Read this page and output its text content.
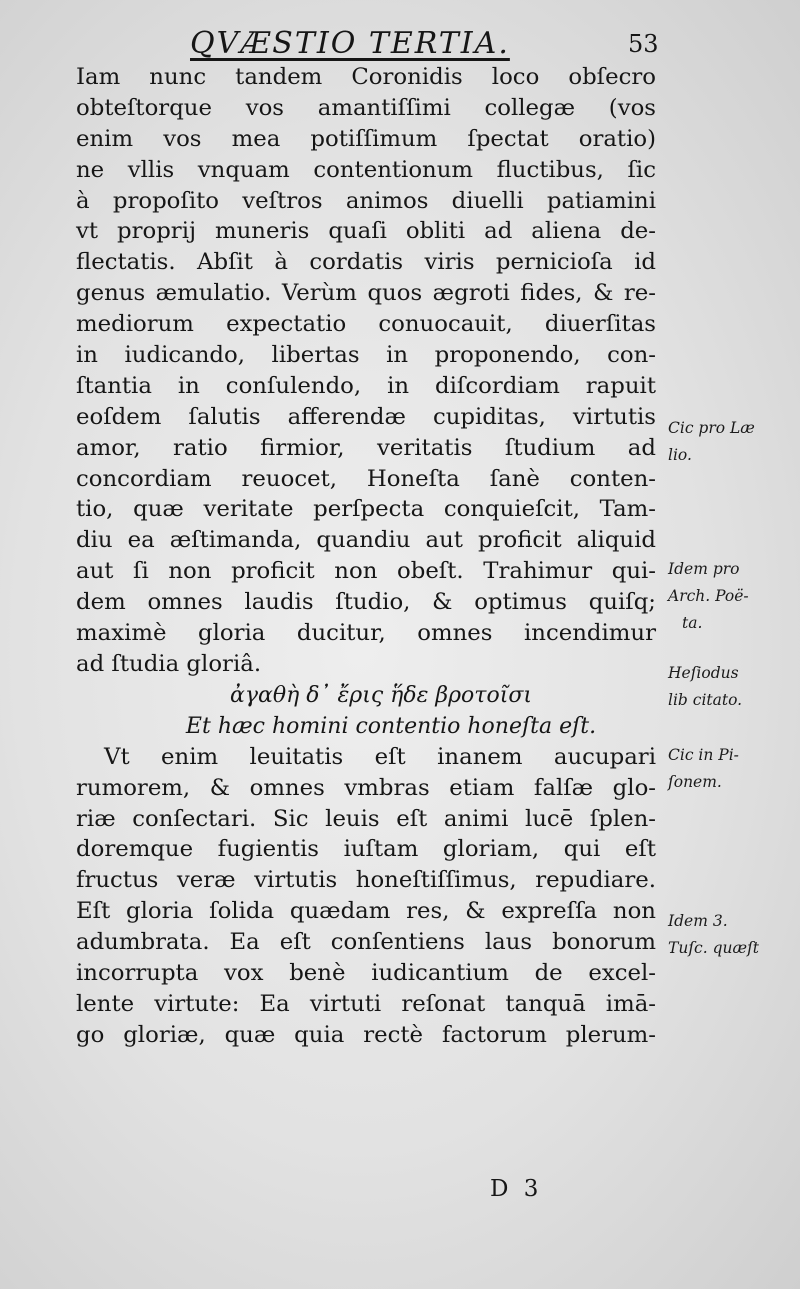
QVÆSTIO TERTIA.	53
Iam nunc tandem Coronidis loco obſecro
obteſtorque vos amantiſſimi collegæ (vos
enim vos mea potiſſimum ſpectat oratio)
ne vllis vnquam contentionum fluctibus, ſic
à propoſito veſtros animos diuelli patiamini
vt proprij muneris quaſi obliti ad aliena de-
flectatis. Abſit à cordatis viris pernicioſa id
genus æmulatio. Verùm quos ægroti fides, & re-
mediorum expectatio conuocauit, diuerſitas
in iudicando, libertas in proponendo, con-
ſtantia in conſulendo, in diſcordiam rapuit
eoſdem ſalutis afferendæ cupiditas, virtutis
amor, ratio firmior, veritatis ſtudium ad
concordiam reuocet, Honeſta ſanè conten-
tio, quæ veritate perſpecta conquieſcit, Tam-
diu ea æſtimanda, quandiu aut proficit aliquid
aut ſi non proficit non obeſt. Trahimur qui-
dem omnes laudis ſtudio, & optimus quiſq;
maximè gloria ducitur, omnes incendimur
ad ſtudia gloriâ.
ἀγαθὴ δ᾽ ἔρις ἥδε βροτοῖσι
Et hæc homini contentio honeſta eſt.
Vt enim leuitatis eſt inanem aucupari
rumorem, & omnes vmbras etiam falſæ glo-
riæ conſectari. Sic leuis eſt animi lucē ſplen-
doremque fugientis iuſtam gloriam, qui eſt
fructus veræ virtutis honeſtiſſimus, repudiare.
Eſt gloria ſolida quædam res, & expreſſa non
adumbrata. Ea eſt conſentiens laus bonorum
incorrupta vox benè iudicantium de excel-
lente virtute: Ea virtuti reſonat tanquā imā-
go gloriæ, quæ quia rectè factorum plerum-
Cic pro Læ
lio.
Idem pro
Arch. Poë-
ta.
Heſiodus
lib citato.
Cic in Pi-
ſonem.
Idem 3.
Tuſc. quæſt
D 3
